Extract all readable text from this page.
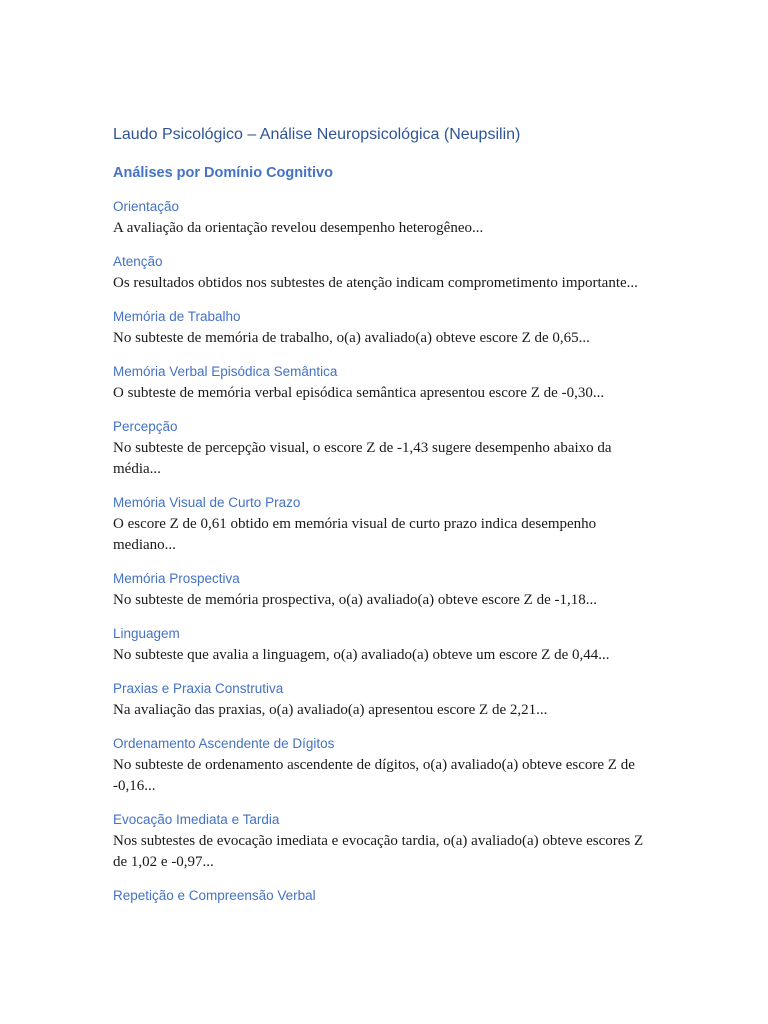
Laudo Psicológico – Análise Neuropsicológica (Neupsilin)
Análises por Domínio Cognitivo
Orientação

A avaliação da orientação revelou desempenho heterogêneo...

Atenção

Os resultados obtidos nos subtestes de atenção indicam comprometimento importante...

Memória de Trabalho

No subteste de memória de trabalho, o(a) avaliado(a) obteve escore Z de 0,65...

Memória Verbal Episódica Semântica

O subteste de memória verbal episódica semântica apresentou escore Z de -0,30...

Percepção

No subteste de percepção visual, o escore Z de -1,43 sugere desempenho abaixo da média...

Memória Visual de Curto Prazo

O escore Z de 0,61 obtido em memória visual de curto prazo indica desempenho mediano...

Memória Prospectiva

No subteste de memória prospectiva, o(a) avaliado(a) obteve escore Z de -1,18...

Linguagem

No subteste que avalia a linguagem, o(a) avaliado(a) obteve um escore Z de 0,44...

Praxias e Praxia Construtiva

Na avaliação das praxias, o(a) avaliado(a) apresentou escore Z de 2,21...

Ordenamento Ascendente de Dígitos

No subteste de ordenamento ascendente de dígitos, o(a) avaliado(a) obteve escore Z de -0,16...

Evocação Imediata e Tardia

Nos subtestes de evocação imediata e evocação tardia, o(a) avaliado(a) obteve escores Z de 1,02 e -0,97...

Repetição e Compreensão Verbal
